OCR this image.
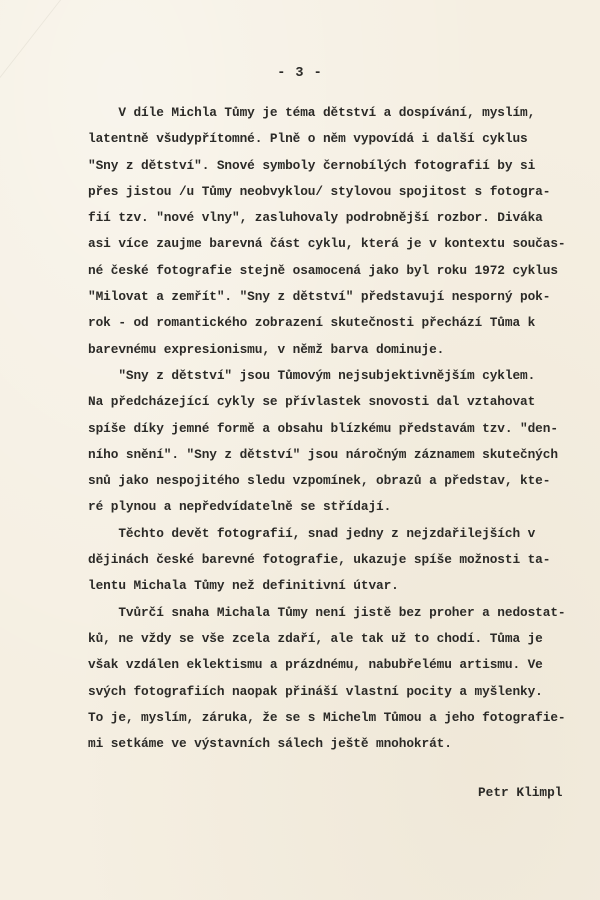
- 3 -
V díle Michla Tůmy je téma dětství a dospívání, myslím,
latentně všudypřítomné. Plně o něm vypovídá i další cyklus
"Sny z dětství". Snové symboly černobílých fotografií by si
přes jistou /u Tůmy neobvyklou/ stylovou spojitost s fotogra-
fií tzv. "nové vlny", zasluhovaly podrobnější rozbor. Diváka
asi více zaujme barevná část cyklu, která je v kontextu součas-
né české fotografie stejně osamocená jako byl roku 1972 cyklus
"Milovat a zemřít". "Sny z dětství" představují nesporný pok-
rok - od romantického zobrazení skutečnosti přechází Tůma k
barevnému expresionismu, v němž barva dominuje.
"Sny z dětství" jsou Tůmovým nejsubjektivnějším cyklem.
Na předcházející cykly se přívlastek snovosti dal vztahovat
spíše díky jemné formě a obsahu blízkému představám tzv. "den-
ního snění". "Sny z dětství" jsou náročným záznamem skutečných
snů jako nespojitého sledu vzpomínek, obrazů a představ, kte-
ré plynou a nepředvídatelně se střídají.
Těchto devět fotografií, snad jedny z nejzdařilejších v
dějinách české barevné fotografie, ukazuje spíše možnosti ta-
lentu Michala Tůmy než definitivní útvar.
Tvůrčí snaha Michala Tůmy není jistě bez proher a nedostat-
ků, ne vždy se vše zcela zdaří, ale tak už to chodí. Tůma je
však vzdálen eklektismu a prázdnému, nabubřelému artismu. Ve
svých fotografiích naopak přináší vlastní pocity a myšlenky.
To je, myslím, záruka, že se s Michelm Tůmou a jeho fotografie-
mi setkáme ve výstavních sálech ještě mnohokrát.
Petr Klimpl
